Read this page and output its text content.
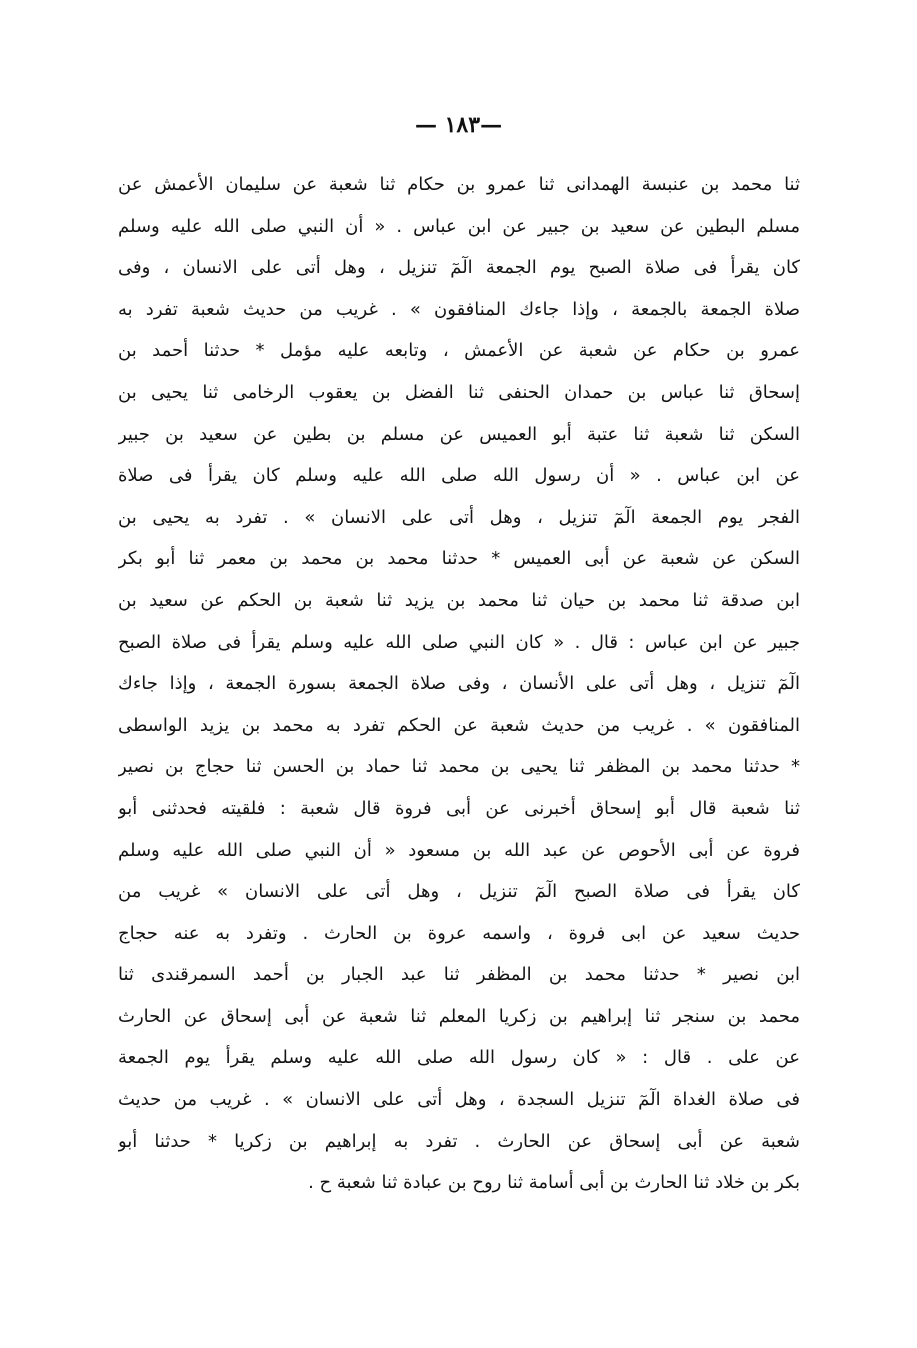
— ١٨٣—
ثنا محمد بن عنبسة الهمدانى ثنا عمرو بن حكام ثنا شعبة عن سليمان الأعمش عن
مسلم البطين عن سعيد بن جبير عن ابن عباس . « أن النبي صلى الله عليه وسلم
كان يقرأ فى صلاة الصبح يوم الجمعة الٓمٓ تنزيل ، وهل أتى على الانسان ، وفى
صلاة الجمعة بالجمعة ، وإذا جاءك المنافقون » . غريب من حديث شعبة تفرد به
عمرو بن حكام عن شعبة عن الأعمش ، وتابعه عليه مؤمل * حدثنا أحمد بن
إسحاق ثنا عباس بن حمدان الحنفى ثنا الفضل بن يعقوب الرخامى ثنا يحيى بن
السكن ثنا شعبة ثنا عتبة أبو العميس عن مسلم بن بطين عن سعيد بن جبير
عن ابن عباس . « أن رسول الله صلى الله عليه وسلم كان يقرأ فى صلاة
الفجر يوم الجمعة الٓمٓ تنزيل ، وهل أتى على الانسان » . تفرد به يحيى بن
السكن عن شعبة عن أبى العميس * حدثنا محمد بن محمد بن معمر ثنا أبو بكر
ابن صدقة ثنا محمد بن حيان ثنا محمد بن يزيد ثنا شعبة بن الحكم عن سعيد بن
جبير عن ابن عباس : قال . « كان النبي صلى الله عليه وسلم يقرأ فى صلاة الصبح
الٓمٓ تنزيل ، وهل أتى على الأنسان ، وفى صلاة الجمعة بسورة الجمعة ، وإذا جاءك
المنافقون » . غريب من حديث شعبة عن الحكم تفرد به محمد بن يزيد الواسطى
* حدثنا محمد بن المظفر ثنا يحيى بن محمد ثنا حماد بن الحسن ثنا حجاج بن نصير
ثنا شعبة قال أبو إسحاق أخبرنى عن أبى فروة قال شعبة : فلقيته فحدثنى أبو
فروة عن أبى الأحوص عن عبد الله بن مسعود « أن النبي صلى الله عليه وسلم
كان يقرأ فى صلاة الصبح الٓمٓ تنزيل ، وهل أتى على الانسان » غريب من
حديث سعيد عن ابى فروة ، واسمه عروة بن الحارث . وتفرد به عنه حجاج
ابن نصير * حدثنا محمد بن المظفر ثنا عبد الجبار بن أحمد السمرقندى ثنا
محمد بن سنجر ثنا إبراهيم بن زكريا المعلم ثنا شعبة عن أبى إسحاق عن الحارث
عن على . قال : « كان رسول الله صلى الله عليه وسلم يقرأ يوم الجمعة
فى صلاة الغداة الٓمٓ تنزيل السجدة ، وهل أتى على الانسان » . غريب من حديث
شعبة عن أبى إسحاق عن الحارث . تفرد به إبراهيم بن زكريا * حدثنا أبو
بكر بن خلاد ثنا الحارث بن أبى أسامة ثنا روح بن عبادة ثنا شعبة ح .
